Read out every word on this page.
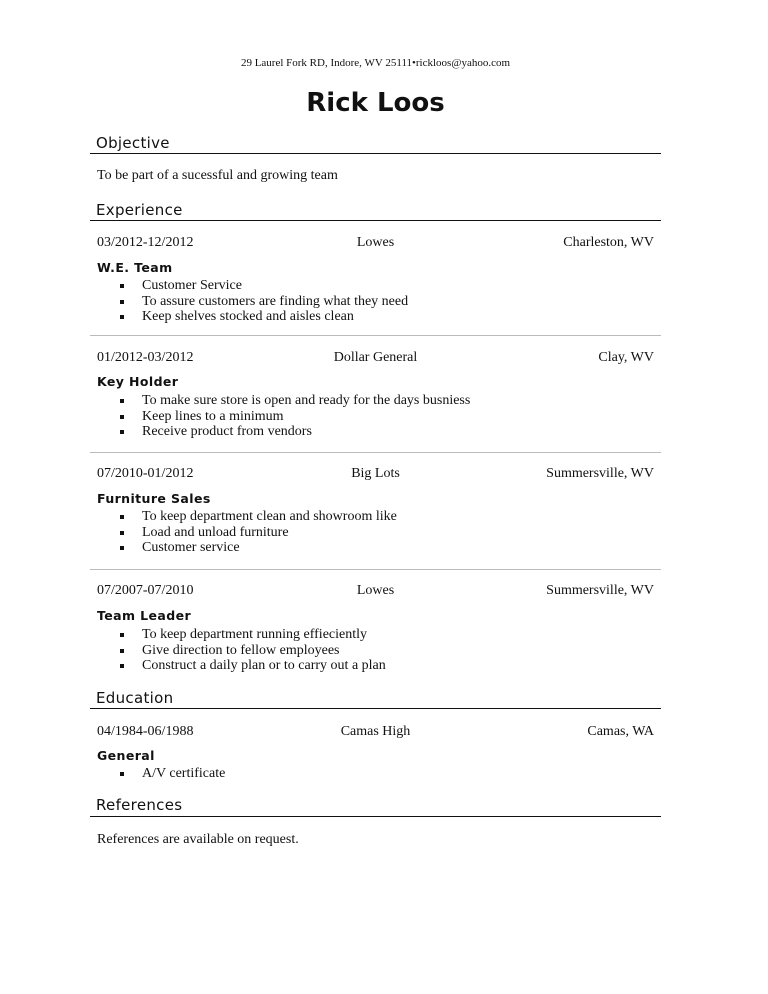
29 Laurel Fork RD, Indore, WV 25111•rickloos@yahoo.com
Rick Loos
Objective
To be part of a sucessful and growing team
Experience
03/2012-12/2012	Lowes	Charleston, WV
W.E. Team
Customer Service
To assure customers are finding what they need
Keep shelves stocked and aisles clean
01/2012-03/2012	Dollar General	Clay, WV
Key Holder
To make sure store is open and ready for the days busniess
Keep lines to a minimum
Receive product from vendors
07/2010-01/2012	Big Lots	Summersville, WV
Furniture Sales
To keep department clean and showroom like
Load and unload furniture
Customer service
07/2007-07/2010	Lowes	Summersville, WV
Team Leader
To keep department running effieciently
Give direction to fellow employees
Construct a daily plan or to carry out a plan
Education
04/1984-06/1988	Camas High	Camas, WA
General
A/V certificate
References
References are available on request.
